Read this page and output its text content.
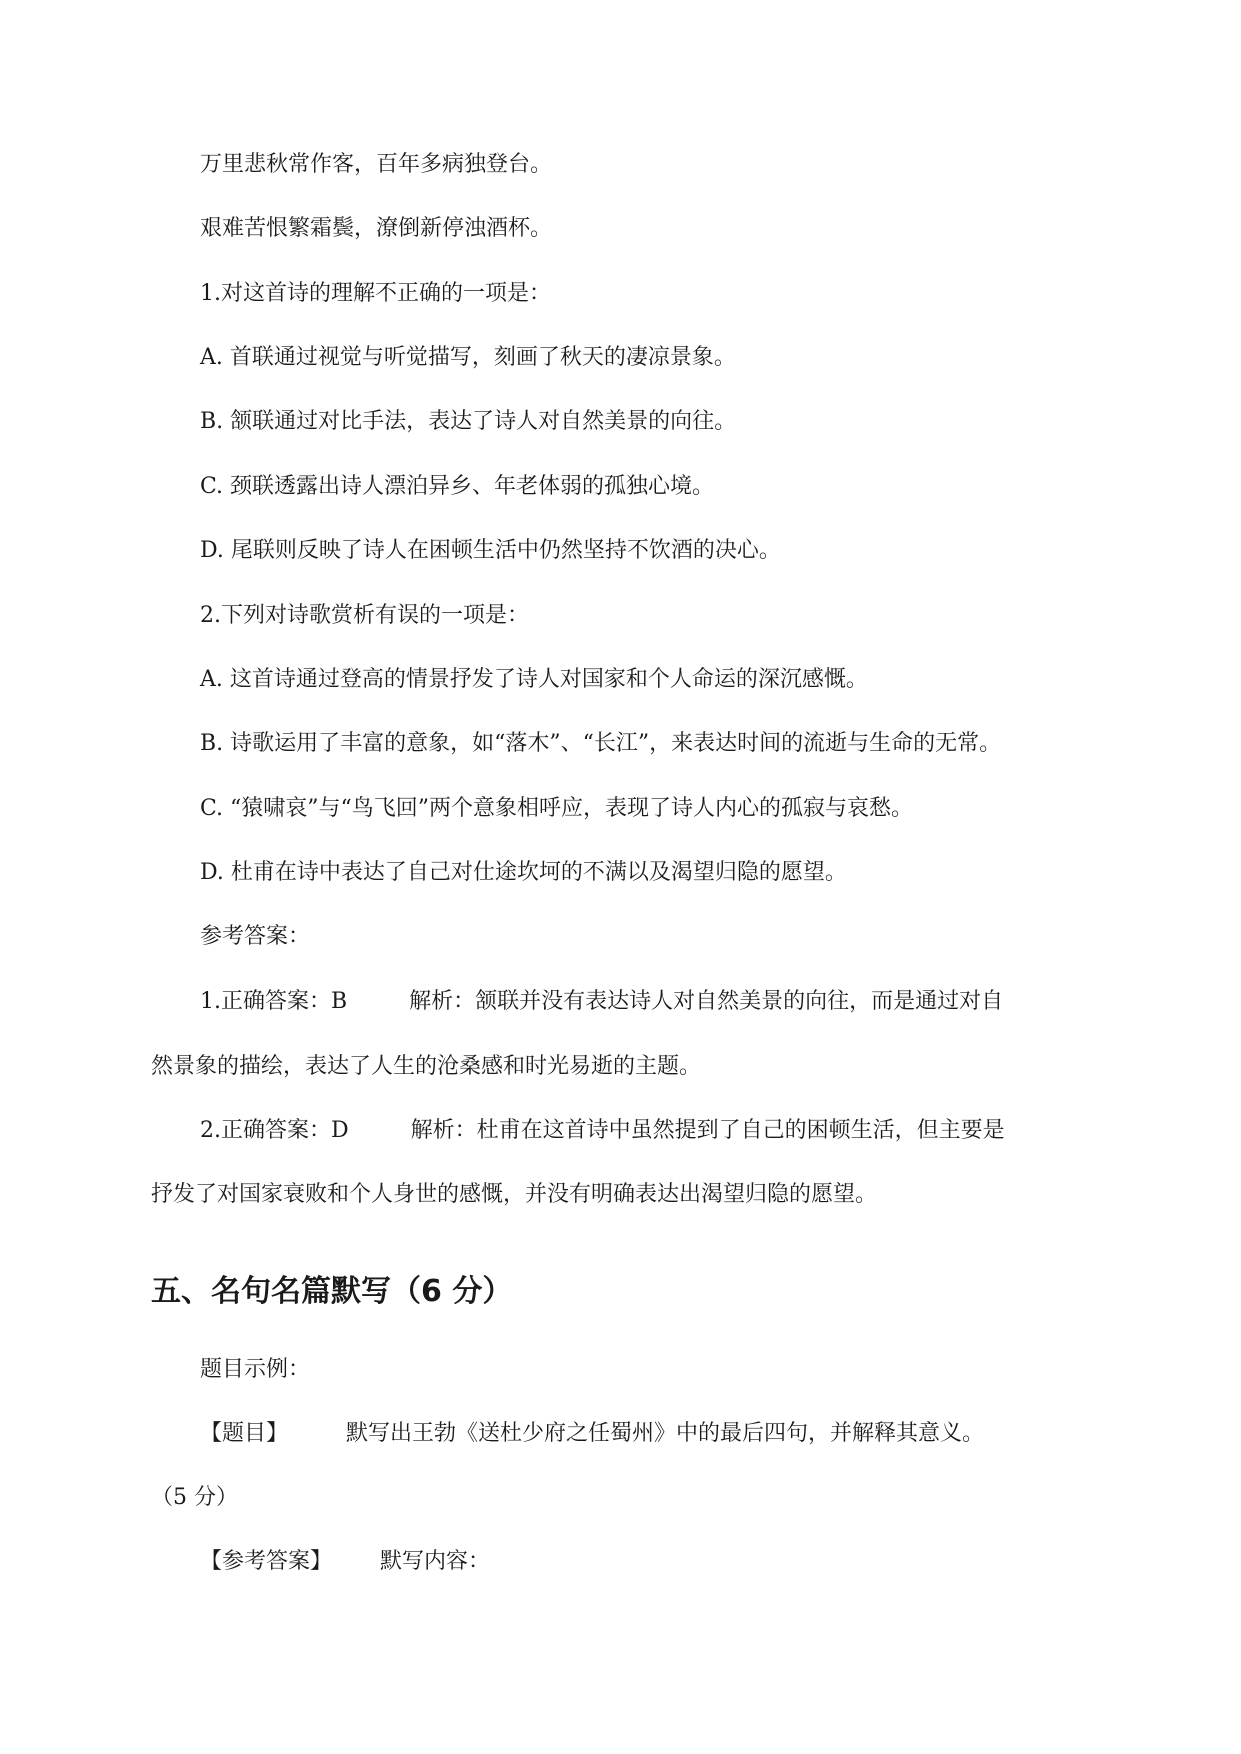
万里悲秋常作客，百年多病独登台。
艰难苦恨繁霜鬓，潦倒新停浊酒杯。
1.对这首诗的理解不正确的一项是：
A. 首联通过视觉与听觉描写，刻画了秋天的凄凉景象。
B. 颔联通过对比手法，表达了诗人对自然美景的向往。
C. 颈联透露出诗人漂泊异乡、年老体弱的孤独心境。
D. 尾联则反映了诗人在困顿生活中仍然坚持不饮酒的决心。
2.下列对诗歌赏析有误的一项是：
A. 这首诗通过登高的情景抒发了诗人对国家和个人命运的深沉感慨。
B. 诗歌运用了丰富的意象，如“落木”、“长江”，来表达时间的流逝与生命的无常。
C. “猿啸哀”与“鸟飞回”两个意象相呼应，表现了诗人内心的孤寂与哀愁。
D. 杜甫在诗中表达了自己对仕途坎坷的不满以及渴望归隐的愿望。
参考答案：
1.正确答案：B	解析：颔联并没有表达诗人对自然美景的向往，而是通过对自
然景象的描绘，表达了人生的沧桑感和时光易逝的主题。
2.正确答案：D	解析：杜甫在这首诗中虽然提到了自己的困顿生活，但主要是
抒发了对国家衰败和个人身世的感慨，并没有明确表达出渴望归隐的愿望。
五、名句名篇默写（6 分）
题目示例：
【题目】	默写出王勃《送杜少府之任蜀州》中的最后四句，并解释其意义。
（5 分）
【参考答案】 默写内容：
